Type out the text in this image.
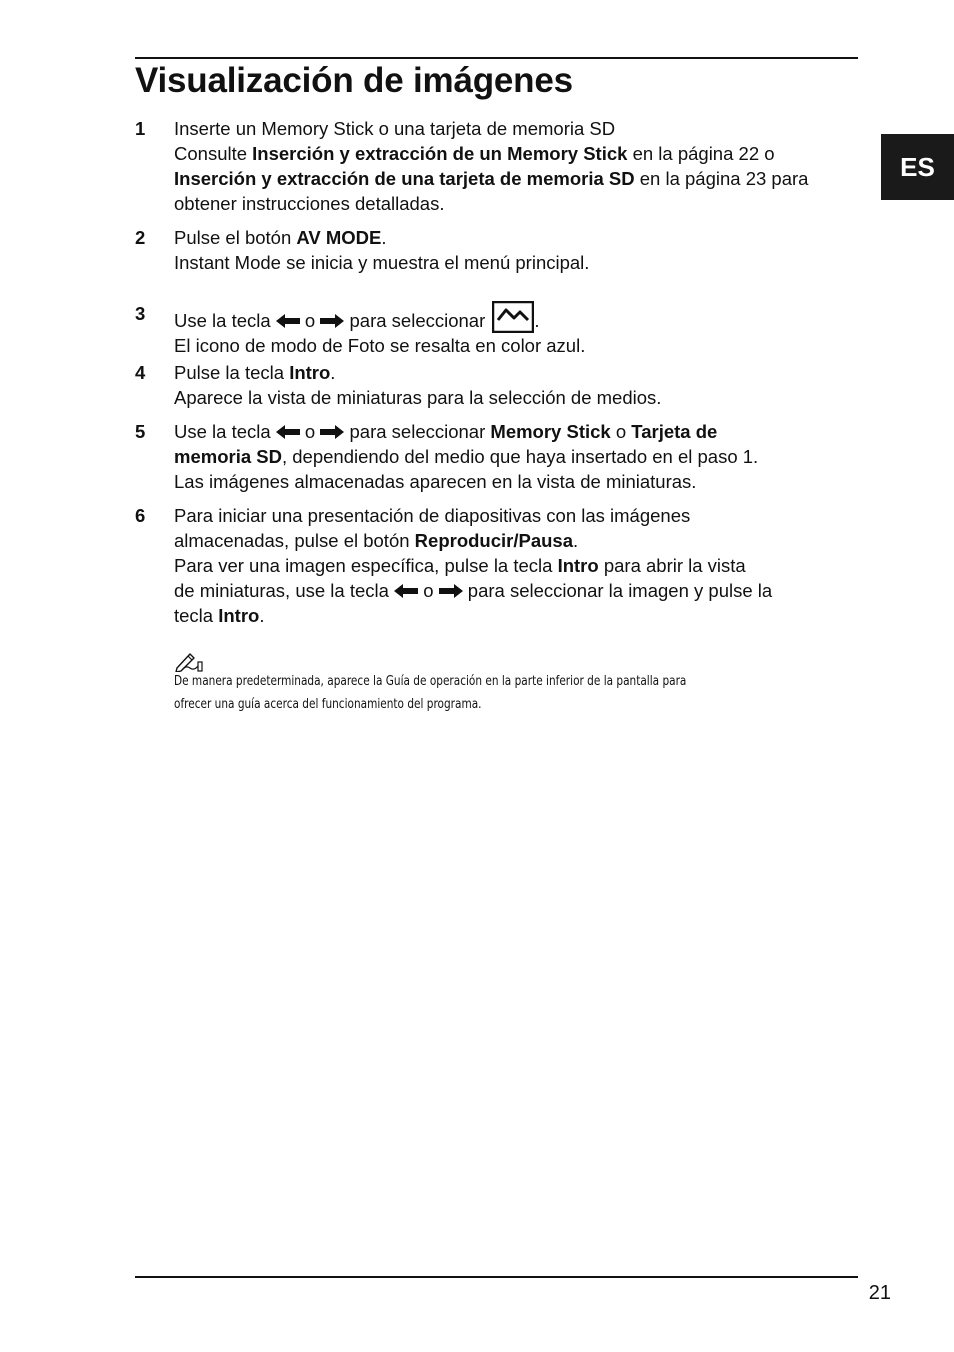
Visualización de imágenes
ES
1 Inserte un Memory Stick o una tarjeta de memoria SD
Consulte Inserción y extracción de un Memory Stick en la página 22 o
Inserción y extracción de una tarjeta de memoria SD en la página 23 para
obtener instrucciones detalladas.
2 Pulse el botón AV MODE.
Instant Mode se inicia y muestra el menú principal.
3 Use la tecla  o  para seleccionar .
El icono de modo de Foto se resalta en color azul.
4 Pulse la tecla Intro.
Aparece la vista de miniaturas para la selección de medios.
5 Use la tecla  o  para seleccionar Memory Stick o Tarjeta de
memoria SD, dependiendo del medio que haya insertado en el paso 1.
Las imágenes almacenadas aparecen en la vista de miniaturas.
6 Para iniciar una presentación de diapositivas con las imágenes
almacenadas, pulse el botón Reproducir/Pausa.
Para ver una imagen específica, pulse la tecla Intro para abrir la vista
de miniaturas, use la tecla  o  para seleccionar la imagen y pulse la
tecla Intro.
De manera predeterminada, aparece la Guía de operación en la parte inferior de la pantalla para
ofrecer una guía acerca del funcionamiento del programa.
21
